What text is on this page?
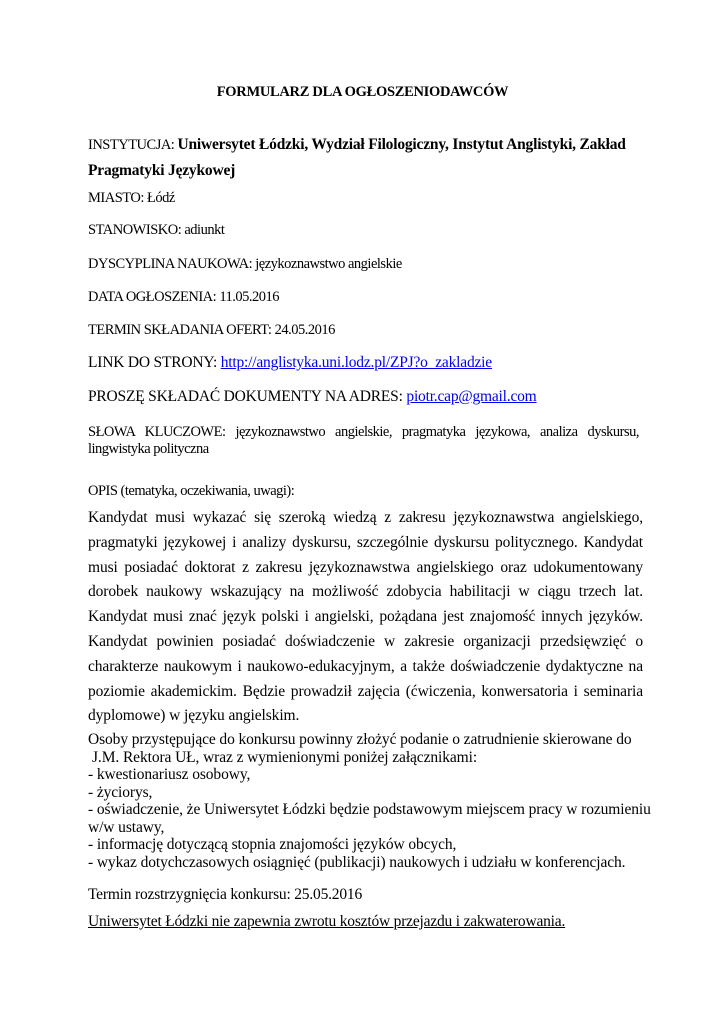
FORMULARZ DLA OGŁOSZENIODAWCÓW
INSTYTUCJA: Uniwersytet Łódzki, Wydział Filologiczny, Instytut Anglistyki, Zakład
Pragmatyki Językowej
MIASTO: Łódź
STANOWISKO: adiunkt
DYSCYPLINA NAUKOWA: językoznawstwo angielskie
DATA OGŁOSZENIA: 11.05.2016
TERMIN SKŁADANIA OFERT: 24.05.2016
LINK DO STRONY: http://anglistyka.uni.lodz.pl/ZPJ?o_zakladzie
PROSZĘ SKŁADAĆ DOKUMENTY NA ADRES: piotr.cap@gmail.com
SŁOWA KLUCZOWE: językoznawstwo angielskie, pragmatyka językowa, analiza dyskursu, lingwistyka polityczna
OPIS (tematyka, oczekiwania, uwagi):
Kandydat musi wykazać się szeroką wiedzą z zakresu językoznawstwa angielskiego, pragmatyki językowej i analizy dyskursu, szczególnie dyskursu politycznego. Kandydat musi posiadać doktorat z zakresu językoznawstwa angielskiego oraz udokumentowany dorobek naukowy wskazujący na możliwość zdobycia habilitacji w ciągu trzech lat. Kandydat musi znać język polski i angielski, pożądana jest znajomość innych języków. Kandydat powinien posiadać doświadczenie w zakresie organizacji przedsięwzięć o charakterze naukowym i naukowo-edukacyjnym, a także doświadczenie dydaktyczne na poziomie akademickim. Będzie prowadził zajęcia (ćwiczenia, konwersatoria i seminaria dyplomowe) w języku angielskim.
Osoby przystępujące do konkursu powinny złożyć podanie o zatrudnienie skierowane do
J.M. Rektora UŁ, wraz z wymienionymi poniżej załącznikami:
- kwestionariusz osobowy,
- życiorys,
- oświadczenie, że Uniwersytet Łódzki będzie podstawowym miejscem pracy w rozumieniu
w/w ustawy,
- informację dotyczącą stopnia znajomości języków obcych,
- wykaz dotychczasowych osiągnięć (publikacji) naukowych i udziału w konferencjach.
Termin rozstrzygnięcia konkursu: 25.05.2016
Uniwersytet Łódzki nie zapewnia zwrotu kosztów przejazdu i zakwaterowania.
